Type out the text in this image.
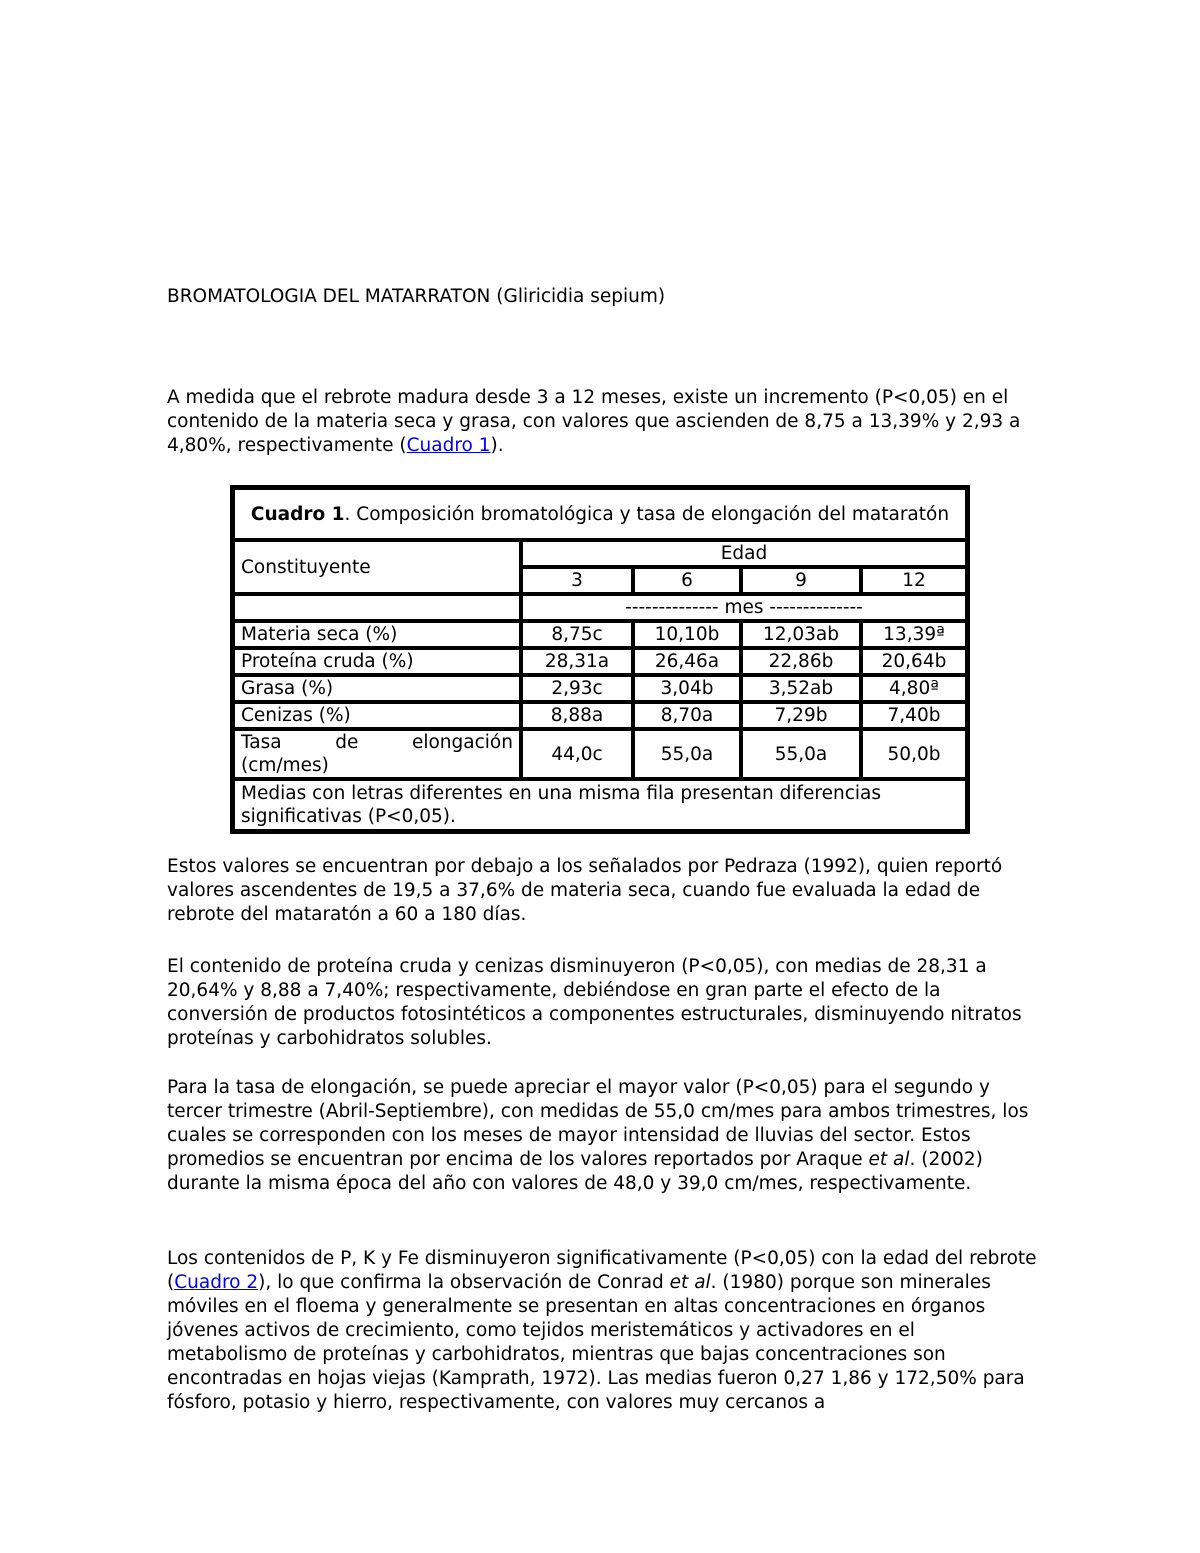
BROMATOLOGIA DEL MATARRATON (Gliricidia sepium)

A medida que el rebrote madura desde 3 a 12 meses, existe un incremento (P<0,05) en el contenido de la materia seca y grasa, con valores que ascienden de 8,75 a 13,39% y 2,93 a 4,80%, respectivamente (Cuadro 1).

Cuadro 1. Composición bromatológica y tasa de elongación del mataratón				
Constituyente	Edad			
	3	6	9	12
	-------------- mes --------------			
Materia seca (%)	8,75c	10,10b	12,03ab	13,39ª
Proteína cruda (%)	28,31a	26,46a	22,86b	20,64b
Grasa (%)	2,93c	3,04b	3,52ab	4,80ª
Cenizas (%)	8,88a	8,70a	7,29b	7,40b

Tasa de elongación
(cm/mes)	44,0c	55,0a	55,0a	50,0b
Medias con letras diferentes en una misma fila presentan diferencias significativas (P<0,05).				

Estos valores se encuentran por debajo a los señalados por Pedraza (1992), quien reportó valores ascendentes de 19,5 a 37,6% de materia seca, cuando fue evaluada la edad de rebrote del mataratón a 60 a 180 días.

El contenido de proteína cruda y cenizas disminuyeron (P<0,05), con medias de 28,31 a 20,64% y 8,88 a 7,40%; respectivamente, debiéndose en gran parte el efecto de la conversión de productos fotosintéticos a componentes estructurales, disminuyendo nitratos proteínas y carbohidratos solubles.

Para la tasa de elongación, se puede apreciar el mayor valor (P<0,05) para el segundo y tercer trimestre (Abril-Septiembre), con medidas de 55,0 cm/mes para ambos trimestres, los cuales se corresponden con los meses de mayor intensidad de lluvias del sector. Estos promedios se encuentran por encima de los valores reportados por Araque et al. (2002) durante la misma época del año con valores de 48,0 y 39,0 cm/mes, respectivamente.

Los contenidos de P, K y Fe disminuyeron significativamente (P<0,05) con la edad del rebrote (Cuadro 2), lo que confirma la observación de Conrad et al. (1980) porque son minerales móviles en el floema y generalmente se presentan en altas concentraciones en órganos jóvenes activos de crecimiento, como tejidos meristemáticos y activadores en el metabolismo de proteínas y carbohidratos, mientras que bajas concentraciones son encontradas en hojas viejas (Kamprath, 1972). Las medias fueron 0,27 1,86 y 172,50% para fósforo, potasio y hierro, respectivamente, con valores muy cercanos a
